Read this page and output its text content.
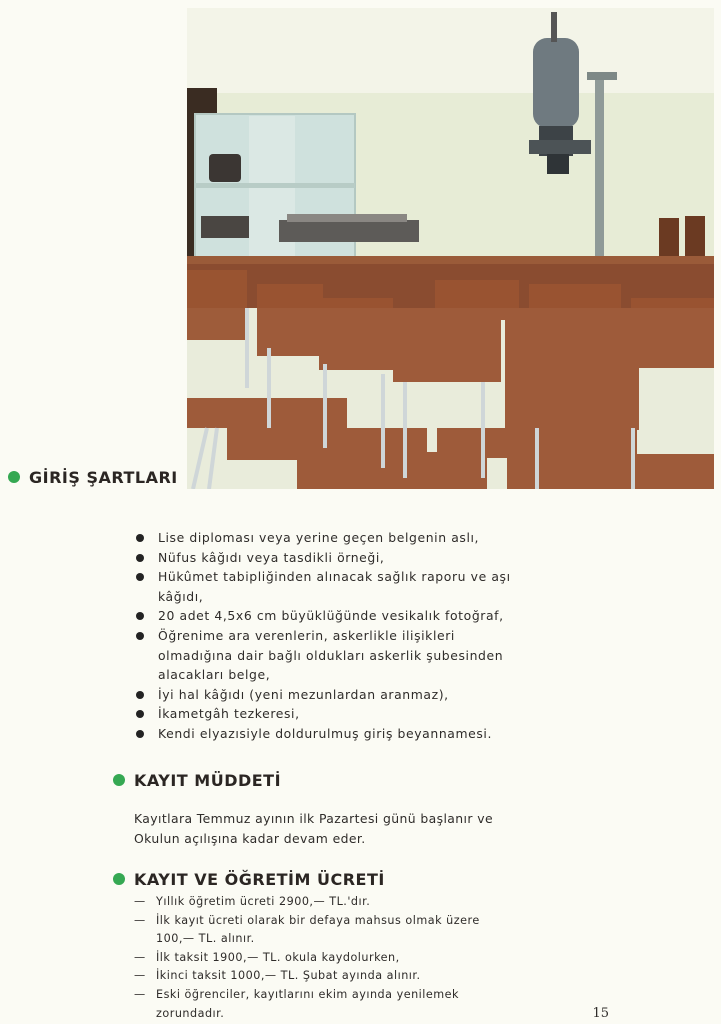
GİRİŞ ŞARTLARI
Lise diploması veya yerine geçen belgenin aslı,
Nüfus kâğıdı veya tasdikli örneği,
Hükûmet tabipliğinden alınacak sağlık raporu ve aşı kâğıdı,
20 adet 4,5x6 cm büyüklüğünde vesikalık fotoğraf,
Öğrenime ara verenlerin, askerlikle ilişikleri olmadığına dair bağlı oldukları askerlik şubesinden alacakları belge,
İyi hal kâğıdı (yeni mezunlardan aranmaz),
İkametgâh tezkeresi,
Kendi elyazısiyle doldurulmuş giriş beyannamesi.
KAYIT MÜDDETİ

Kayıtlara Temmuz ayının ilk Pazartesi günü başlanır ve Okulun açılışına kadar devam eder.

KAYIT VE ÖĞRETİM ÜCRETİ
— Yıllık öğretim ücreti 2900,— TL.'dır.
— İlk kayıt ücreti olarak bir defaya mahsus olmak üzere 100,— TL. alınır.
— İlk taksit 1900,— TL. okula kaydolurken,
— İkinci taksit 1000,— TL. Şubat ayında alınır.
— Eski öğrenciler, kayıtlarını ekim ayında yenilemek zorundadır.	15
